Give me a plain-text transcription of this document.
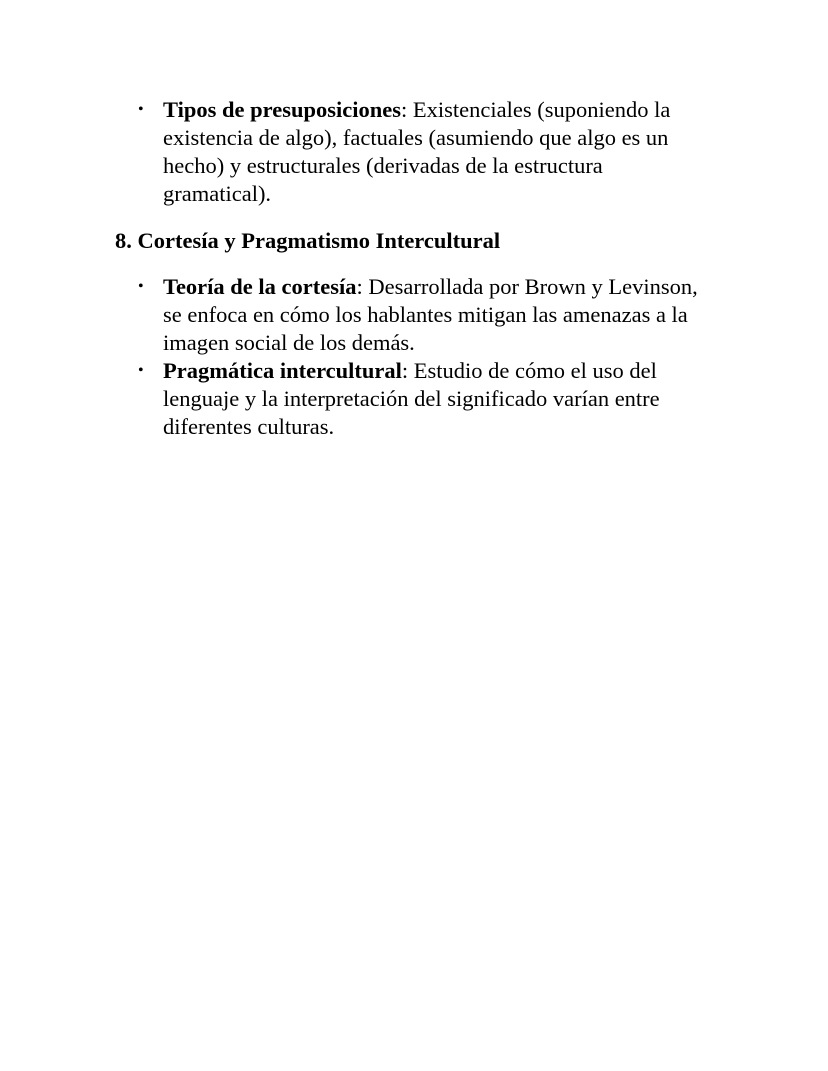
• Tipos de presuposiciones: Existenciales (suponiendo la existencia de algo), factuales (asumiendo que algo es un hecho) y estructurales (derivadas de la estructura gramatical).
8. Cortesía y Pragmatismo Intercultural
• Teoría de la cortesía: Desarrollada por Brown y Levinson, se enfoca en cómo los hablantes mitigan las amenazas a la imagen social de los demás.
• Pragmática intercultural: Estudio de cómo el uso del lenguaje y la interpretación del significado varían entre diferentes culturas.
